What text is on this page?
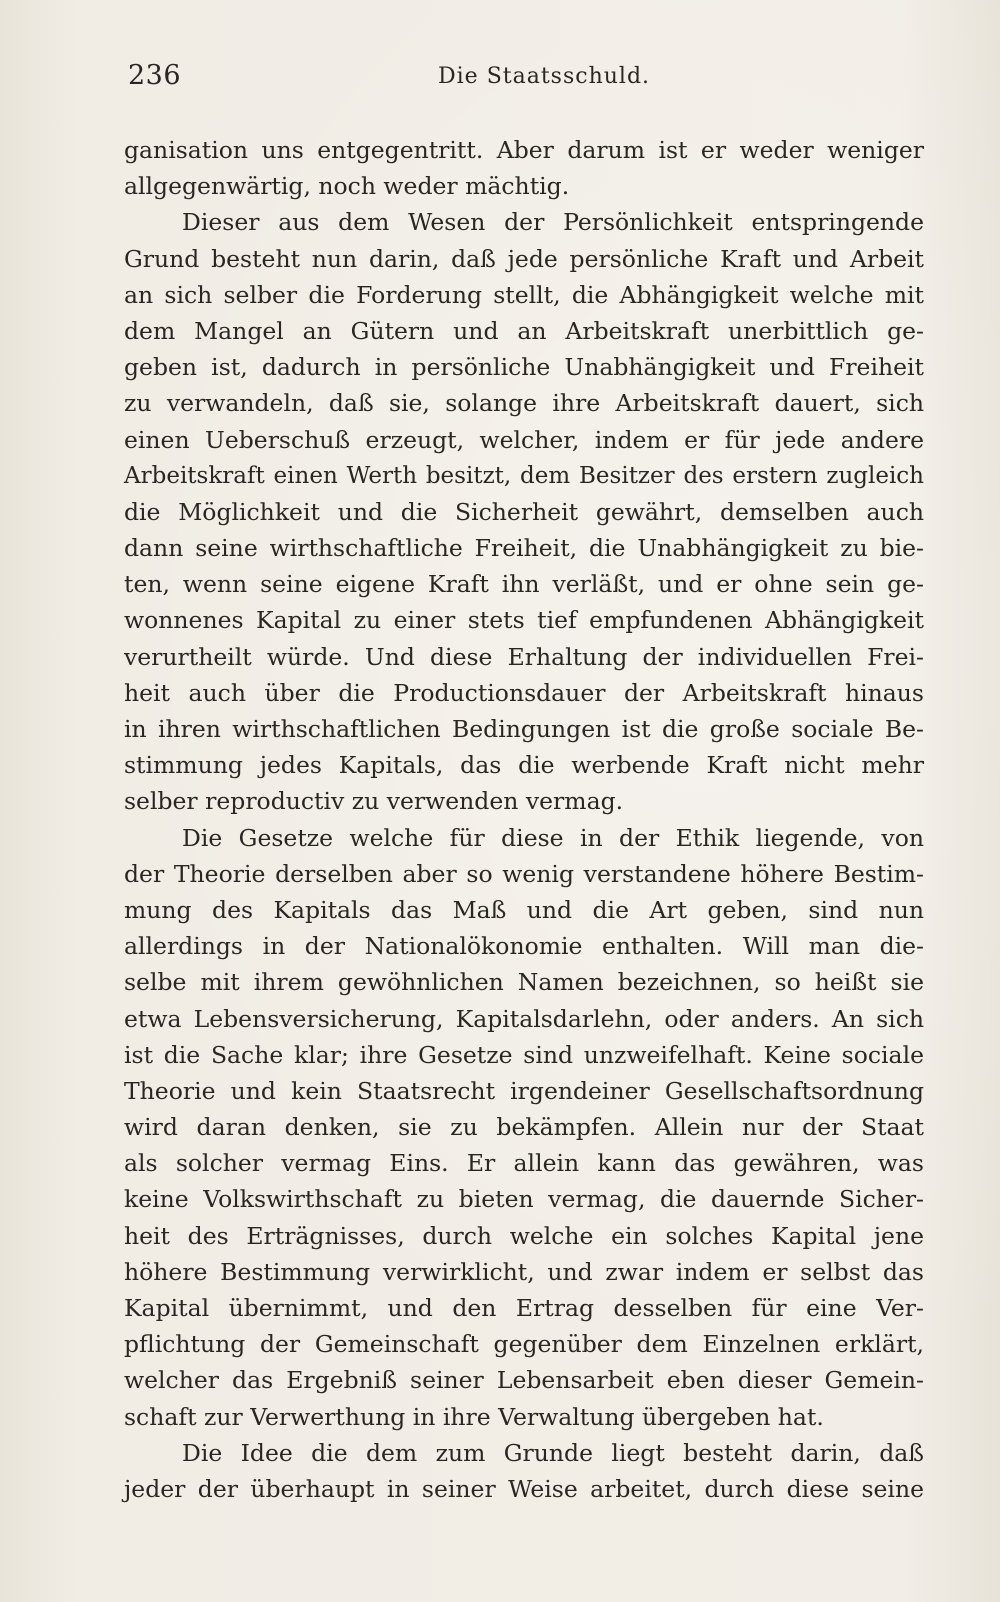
236	Die Staatsschuld.
ganisation uns entgegentritt. Aber darum ist er weder weniger
allgegenwärtig, noch weder mächtig.
Dieser aus dem Wesen der Persönlichkeit entspringende
Grund besteht nun darin, daß jede persönliche Kraft und Arbeit
an sich selber die Forderung stellt, die Abhängigkeit welche mit
dem Mangel an Gütern und an Arbeitskraft unerbittlich ge-
geben ist, dadurch in persönliche Unabhängigkeit und Freiheit
zu verwandeln, daß sie, solange ihre Arbeitskraft dauert, sich
einen Ueberschuß erzeugt, welcher, indem er für jede andere
Arbeitskraft einen Werth besitzt, dem Besitzer des erstern zugleich
die Möglichkeit und die Sicherheit gewährt, demselben auch
dann seine wirthschaftliche Freiheit, die Unabhängigkeit zu bie-
ten, wenn seine eigene Kraft ihn verläßt, und er ohne sein ge-
wonnenes Kapital zu einer stets tief empfundenen Abhängigkeit
verurtheilt würde. Und diese Erhaltung der individuellen Frei-
heit auch über die Productionsdauer der Arbeitskraft hinaus
in ihren wirthschaftlichen Bedingungen ist die große sociale Be-
stimmung jedes Kapitals, das die werbende Kraft nicht mehr
selber reproductiv zu verwenden vermag.
Die Gesetze welche für diese in der Ethik liegende, von
der Theorie derselben aber so wenig verstandene höhere Bestim-
mung des Kapitals das Maß und die Art geben, sind nun
allerdings in der Nationalökonomie enthalten. Will man die-
selbe mit ihrem gewöhnlichen Namen bezeichnen, so heißt sie
etwa Lebensversicherung, Kapitalsdarlehn, oder anders. An sich
ist die Sache klar; ihre Gesetze sind unzweifelhaft. Keine sociale
Theorie und kein Staatsrecht irgendeiner Gesellschaftsordnung
wird daran denken, sie zu bekämpfen. Allein nur der Staat
als solcher vermag Eins. Er allein kann das gewähren, was
keine Volkswirthschaft zu bieten vermag, die dauernde Sicher-
heit des Erträgnisses, durch welche ein solches Kapital jene
höhere Bestimmung verwirklicht, und zwar indem er selbst das
Kapital übernimmt, und den Ertrag desselben für eine Ver-
pflichtung der Gemeinschaft gegenüber dem Einzelnen erklärt,
welcher das Ergebniß seiner Lebensarbeit eben dieser Gemein-
schaft zur Verwerthung in ihre Verwaltung übergeben hat.
Die Idee die dem zum Grunde liegt besteht darin, daß
jeder der überhaupt in seiner Weise arbeitet, durch diese seine
